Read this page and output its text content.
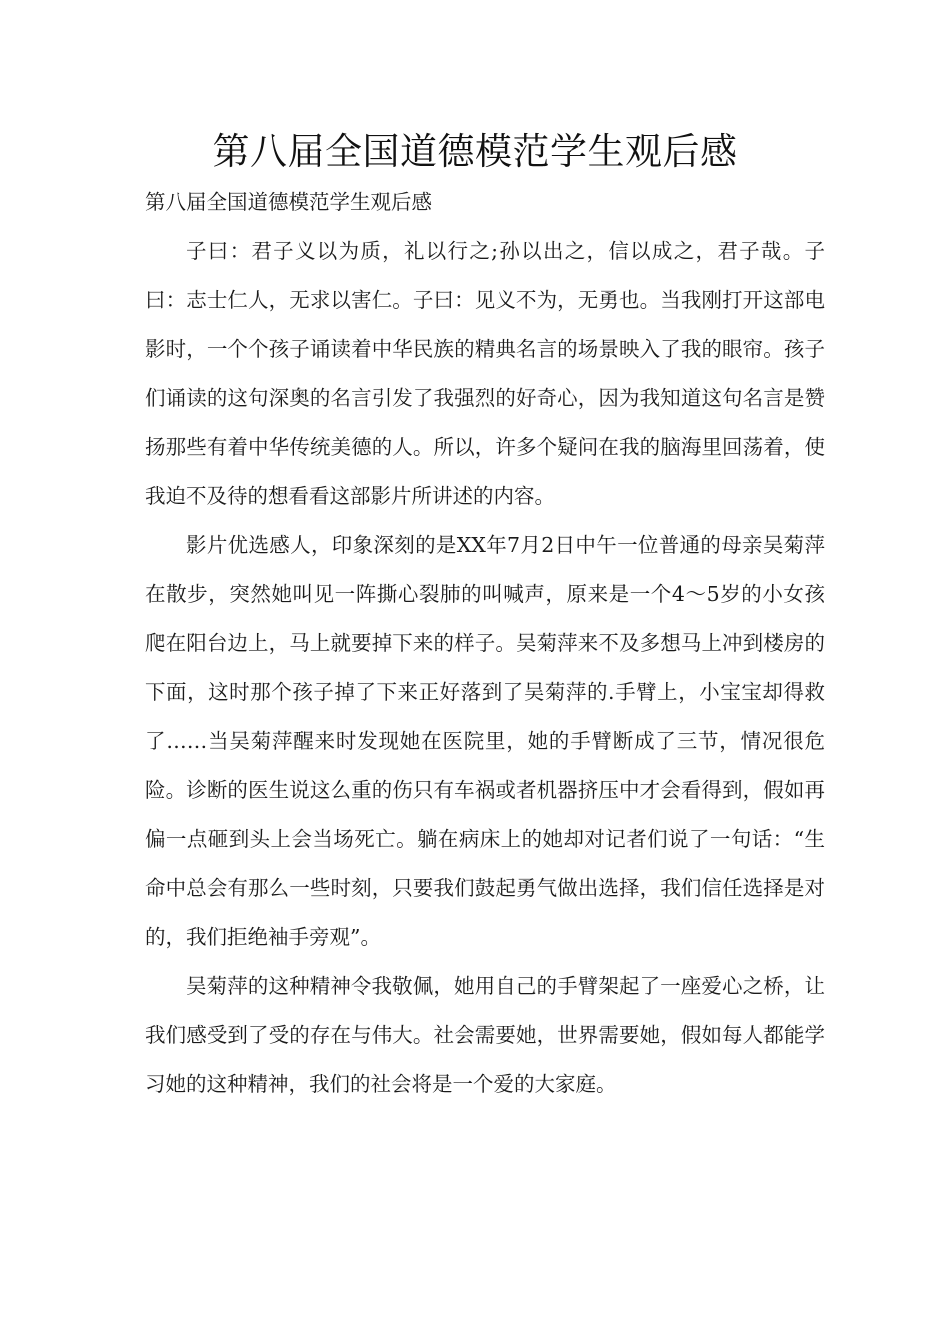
第八届全国道德模范学生观后感

第八届全国道德模范学生观后感

子曰：君子义以为质，礼以行之;孙以出之，信以成之，君子哉。子曰：志士仁人，无求以害仁。子曰：见义不为，无勇也。当我刚打开这部电影时，一个个孩子诵读着中华民族的精典名言的场景映入了我的眼帘。孩子们诵读的这句深奥的名言引发了我强烈的好奇心，因为我知道这句名言是赞扬那些有着中华传统美德的人。所以，许多个疑问在我的脑海里回荡着，使我迫不及待的想看看这部影片所讲述的内容。

影片优选感人，印象深刻的是XX年7月2日中午一位普通的母亲吴菊萍在散步，突然她叫见一阵撕心裂肺的叫喊声，原来是一个4～5岁的小女孩爬在阳台边上，马上就要掉下来的样子。吴菊萍来不及多想马上冲到楼房的下面，这时那个孩子掉了下来正好落到了吴菊萍的.手臂上，小宝宝却得救了……当吴菊萍醒来时发现她在医院里，她的手臂断成了三节，情况很危险。诊断的医生说这么重的伤只有车祸或者机器挤压中才会看得到，假如再偏一点砸到头上会当场死亡。躺在病床上的她却对记者们说了一句话：“生命中总会有那么一些时刻，只要我们鼓起勇气做出选择，我们信任选择是对的，我们拒绝袖手旁观”。

吴菊萍的这种精神令我敬佩，她用自己的手臂架起了一座爱心之桥，让我们感受到了受的存在与伟大。社会需要她，世界需要她，假如每人都能学习她的这种精神，我们的社会将是一个爱的大家庭。
